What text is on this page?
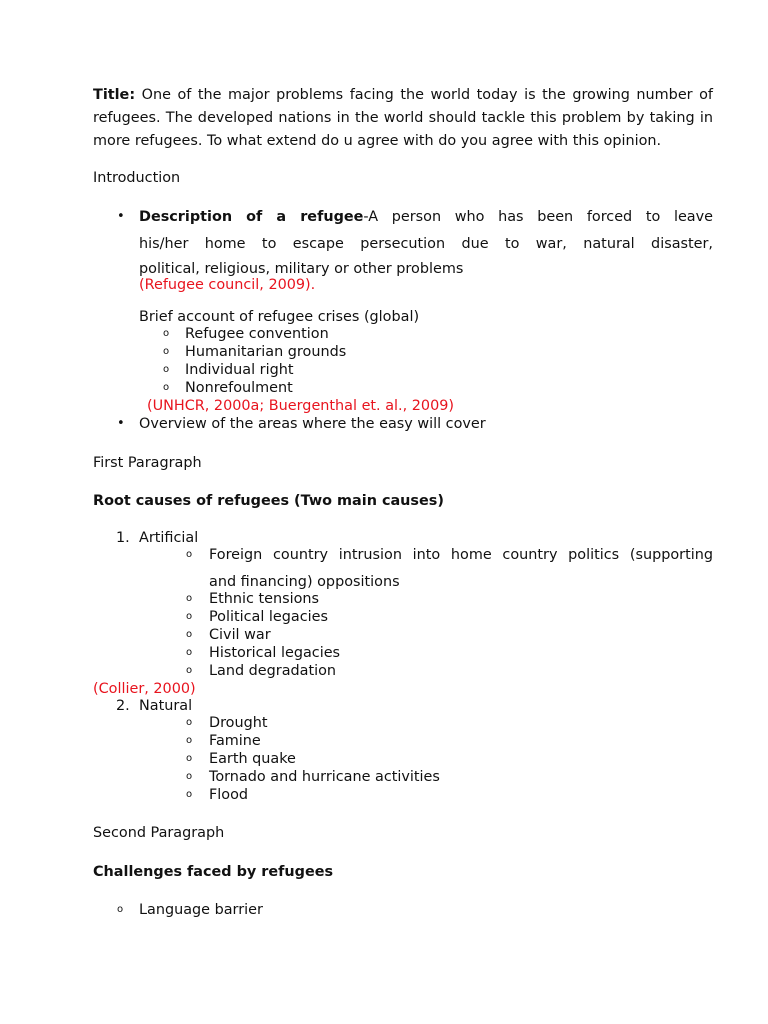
Title: One of the major problems facing the world today is the growing number of
refugees. The developed nations in the world should tackle this problem by taking in
more refugees. To what extend do u agree with do you agree with this opinion.
Introduction
• Description of a refugee-A person who has been forced to leave
his/her home to escape persecution due to war, natural disaster,
political, religious, military or other problems
(Refugee council, 2009).
Brief account of refugee crises (global)
o Refugee convention
o Humanitarian grounds
o Individual right
o Nonrefoulment
(UNHCR, 2000a; Buergenthal et. al., 2009)
• Overview of the areas where the easy will cover
First Paragraph
Root causes of refugees (Two main causes)
1. Artificial
o Foreign country intrusion into home country politics (supporting
and financing) oppositions
o Ethnic tensions
o Political legacies
o Civil war
o Historical legacies
o Land degradation
(Collier, 2000)
2. Natural
o Drought
o Famine
o Earth quake
o Tornado and hurricane activities
o Flood
Second Paragraph
Challenges faced by refugees
o Language barrier
